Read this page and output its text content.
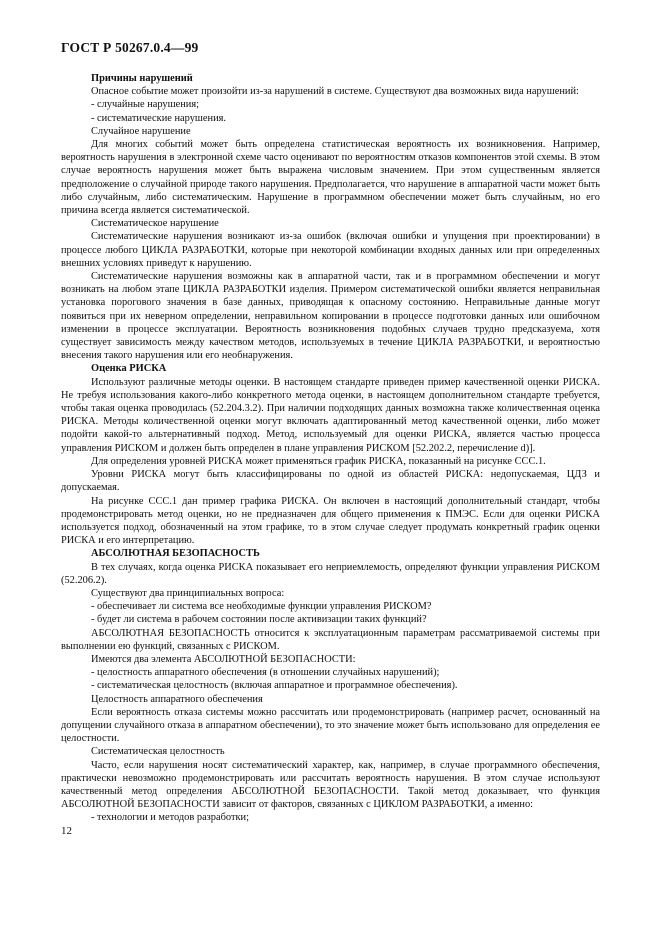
ГОСТ Р 50267.0.4—99

Причины нарушений

Опасное событие может произойти из-за нарушений в системе. Существуют два возможных вида нарушений:

- случайные нарушения;

- систематические нарушения.

Случайное нарушение

Для многих событий может быть определена статистическая вероятность их возникновения. Например, вероятность нарушения в электронной схеме часто оценивают по вероятностям отказов компонентов этой схемы. В этом случае вероятность нарушения может быть выражена числовым значением. При этом существенным является предположение о случайной природе такого нарушения. Предполагается, что нарушение в аппаратной части может быть либо случайным, либо систематическим. Нарушение в программном обеспечении может быть случайным, но его причина всегда является систематической.

Систематическое нарушение

Систематические нарушения возникают из-за ошибок (включая ошибки и упущения при проектировании) в процессе любого ЦИКЛА РАЗРАБОТКИ, которые при некоторой комбинации входных данных или при определенных внешних условиях приведут к нарушению.

Систематические нарушения возможны как в аппаратной части, так и в программном обеспечении и могут возникать на любом этапе ЦИКЛА РАЗРАБОТКИ изделия. Примером систематической ошибки является неправильная установка порогового значения в базе данных, приводящая к опасному состоянию. Неправильные данные могут появиться при их неверном определении, неправильном копировании в процессе подготовки данных или ошибочном изменении в процессе эксплуатации. Вероятность возникновения подобных случаев трудно предсказуема, хотя существует зависимость между качеством методов, используемых в течение ЦИКЛА РАЗРАБОТКИ, и вероятностью внесения такого нарушения или его необнаружения.

Оценка РИСКА

Используют различные методы оценки. В настоящем стандарте приведен пример качественной оценки РИСКА. Не требуя использования какого-либо конкретного метода оценки, в настоящем дополнительном стандарте требуется, чтобы такая оценка проводилась (52.204.3.2). При наличии подходящих данных возможна также количественная оценка РИСКА. Методы количественной оценки могут включать адаптированный метод качественной оценки, либо может подойти какой-то альтернативный подход. Метод, используемый для оценки РИСКА, является частью процесса управления РИСКОМ и должен быть определен в плане управления РИСКОМ [52.202.2, перечисление d)].

Для определения уровней РИСКА может применяться график РИСКА, показанный на рисунке ССС.1.

Уровни РИСКА могут быть классифицированы по одной из областей РИСКА: недопускаемая, ЦДЗ и допускаемая.

На рисунке ССС.1 дан пример графика РИСКА. Он включен в настоящий дополнительный стандарт, чтобы продемонстрировать метод оценки, но не предназначен для общего применения к ПМЭС. Если для оценки РИСКА используется подход, обозначенный на этом графике, то в этом случае следует продумать конкретный график оценки РИСКА и его интерпретацию.

АБСОЛЮТНАЯ БЕЗОПАСНОСТЬ

В тех случаях, когда оценка РИСКА показывает его неприемлемость, определяют функции управления РИСКОМ (52.206.2).

Существуют два принципиальных вопроса:

- обеспечивает ли система все необходимые функции управления РИСКОМ?

- будет ли система в рабочем состоянии после активизации таких функций?

АБСОЛЮТНАЯ БЕЗОПАСНОСТЬ относится к эксплуатационным параметрам рассматриваемой системы при выполнении ею функций, связанных с РИСКОМ.

Имеются два элемента АБСОЛЮТНОЙ БЕЗОПАСНОСТИ:

- целостность аппаратного обеспечения (в отношении случайных нарушений);

- систематическая целостность (включая аппаратное и программное обеспечения).

Целостность аппаратного обеспечения

Если вероятность отказа системы можно рассчитать или продемонстрировать (например расчет, основанный на допущении случайного отказа в аппаратном обеспечении), то это значение может быть использовано для определения ее целостности.

Систематическая целостность

Часто, если нарушения носят систематический характер, как, например, в случае программного обеспечения, практически невозможно продемонстрировать или рассчитать вероятность нарушения. В этом случае используют качественный метод определения АБСОЛЮТНОЙ БЕЗОПАСНОСТИ. Такой метод доказывает, что функция АБСОЛЮТНОЙ БЕЗОПАСНОСТИ зависит от факторов, связанных с ЦИКЛОМ РАЗРАБОТКИ, а именно:

- технологии и методов разработки;

12
